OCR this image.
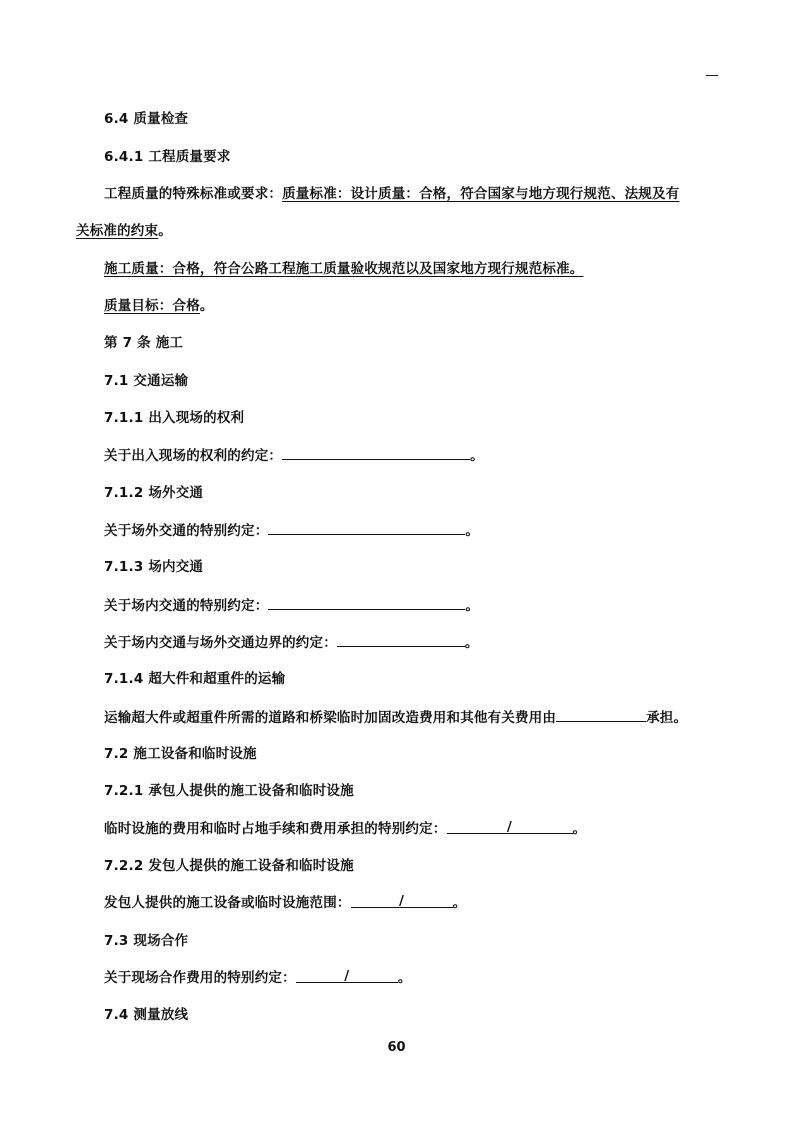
6.4 质量检查
6.4.1 工程质量要求
工程质量的特殊标准或要求：质量标准：设计质量：合格，符合国家与地方现行规范、法规及有
关标准的约束。
施工质量：合格，符合公路工程施工质量验收规范以及国家地方现行规范标准。
质量目标：合格。
第 7 条 施工
7.1 交通运输
7.1.1 出入现场的权利
关于出入现场的权利的约定：	。
7.1.2 场外交通
关于场外交通的特别约定：	。
7.1.3 场内交通
关于场内交通的特别约定：	。
关于场内交通与场外交通边界的约定：	。
7.1.4 超大件和超重件的运输
运输超大件或超重件所需的道路和桥梁临时加固改造费用和其他有关费用由	承担。
7.2 施工设备和临时设施
7.2.1 承包人提供的施工设备和临时设施
临时设施的费用和临时占地手续和费用承担的特别约定：	/	。
7.2.2 发包人提供的施工设备和临时设施
发包人提供的施工设备或临时设施范围：	/	。
7.3 现场合作
关于现场合作费用的特别约定：	/	。
7.4 测量放线
60
